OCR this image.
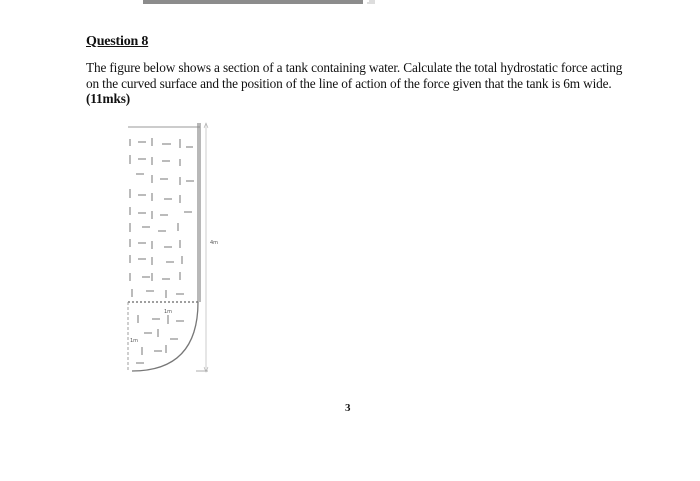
Question 8
The figure below shows a section of a tank containing water. Calculate the total hydrostatic force acting on the curved surface and the position of the line of action of the force given that the tank is 6m wide. (11mks)
4m
1m
1m
3
